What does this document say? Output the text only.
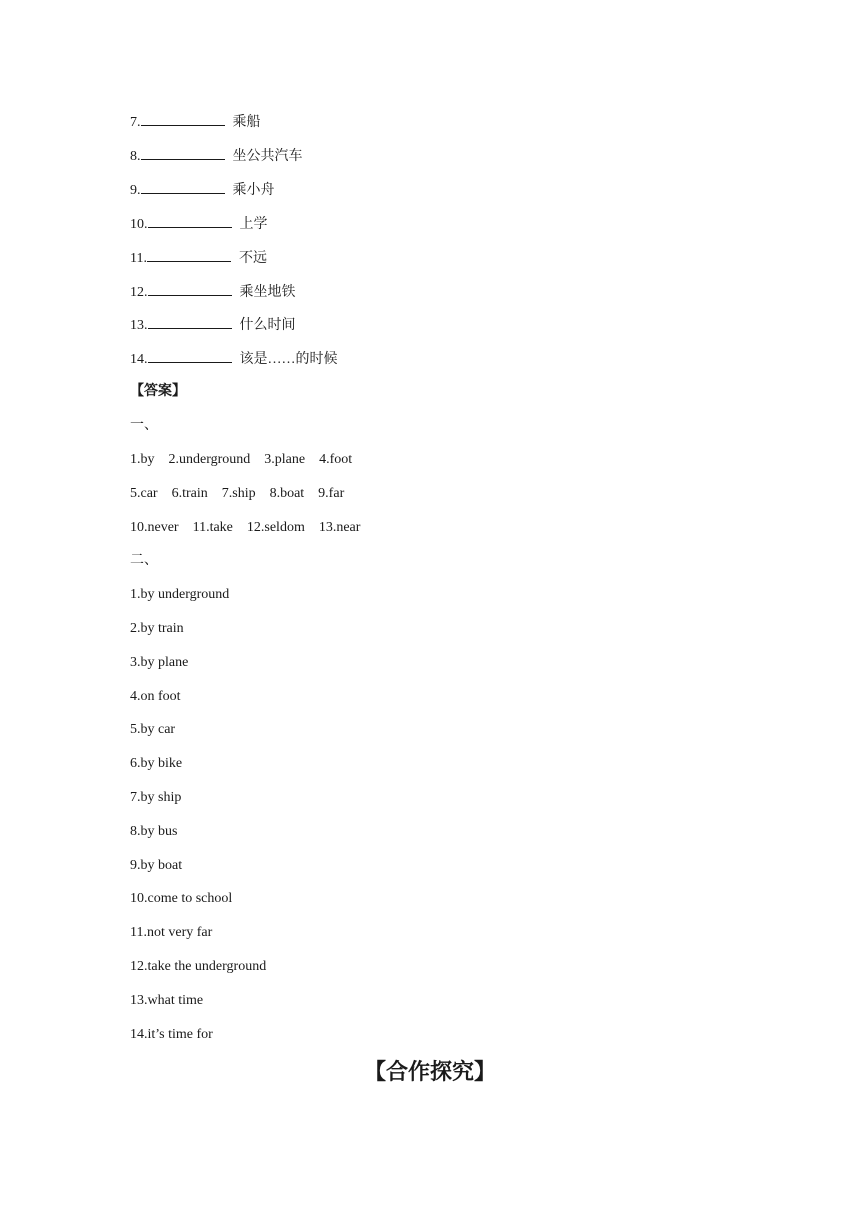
7.	乘船
8.	坐公共汽车
9.	乘小舟
10.	上学
11.	不远
12.	乘坐地铁
13.	什么时间
14.	该是……的时候
【答案】
一、
1.by    2.underground    3.plane    4.foot
5.car    6.train    7.ship    8.boat    9.far
10.never    11.take    12.seldom    13.near
二、
1.by underground
2.by train
3.by plane
4.on foot
5.by car
6.by bike
7.by ship
8.by bus
9.by boat
10.come to school
11.not very far
12.take the underground
13.what time
14.it’s time for
【合作探究】
